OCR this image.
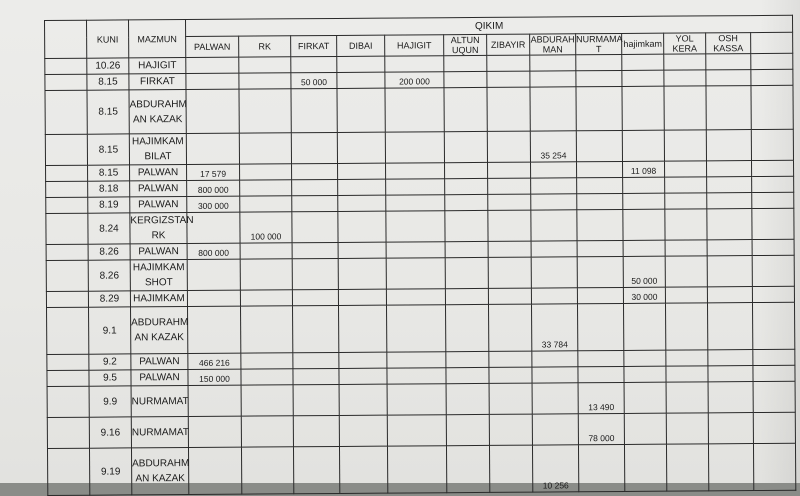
	KUNI	MAZMUN	QIKIM												
			PALWAN	RK	FIRKAT	DIBAI	HAJIGIT	ALTUN UQUN	ZIBAYIR	ABDURAH MAN	NURMAMA T	hajimkam	YOL KERA	OSH KASSA	
	10.26	HAJIGIT													
	8.15	FIRKAT			50 000		200 000								
	8.15	ABDURAHM AN KAZAK													
	8.15	HAJIMKAM BILAT								35 254					
	8.15	PALWAN	17 579									11 098			
	8.18	PALWAN	800 000												
	8.19	PALWAN	300 000												
	8.24	KERGIZSTAN RK		100 000											
	8.26	PALWAN	800 000												
	8.26	HAJIMKAM SHOT										50 000			
	8.29	HAJIMKAM										30 000			
	9.1	ABDURAHM AN KAZAK								33 784					
	9.2	PALWAN	466 216												
	9.5	PALWAN	150 000												
	9.9	NURMAMAT									13 490				
	9.16	NURMAMAT									78 000				
	9.19	ABDURAHM AN KAZAK								10 256					
